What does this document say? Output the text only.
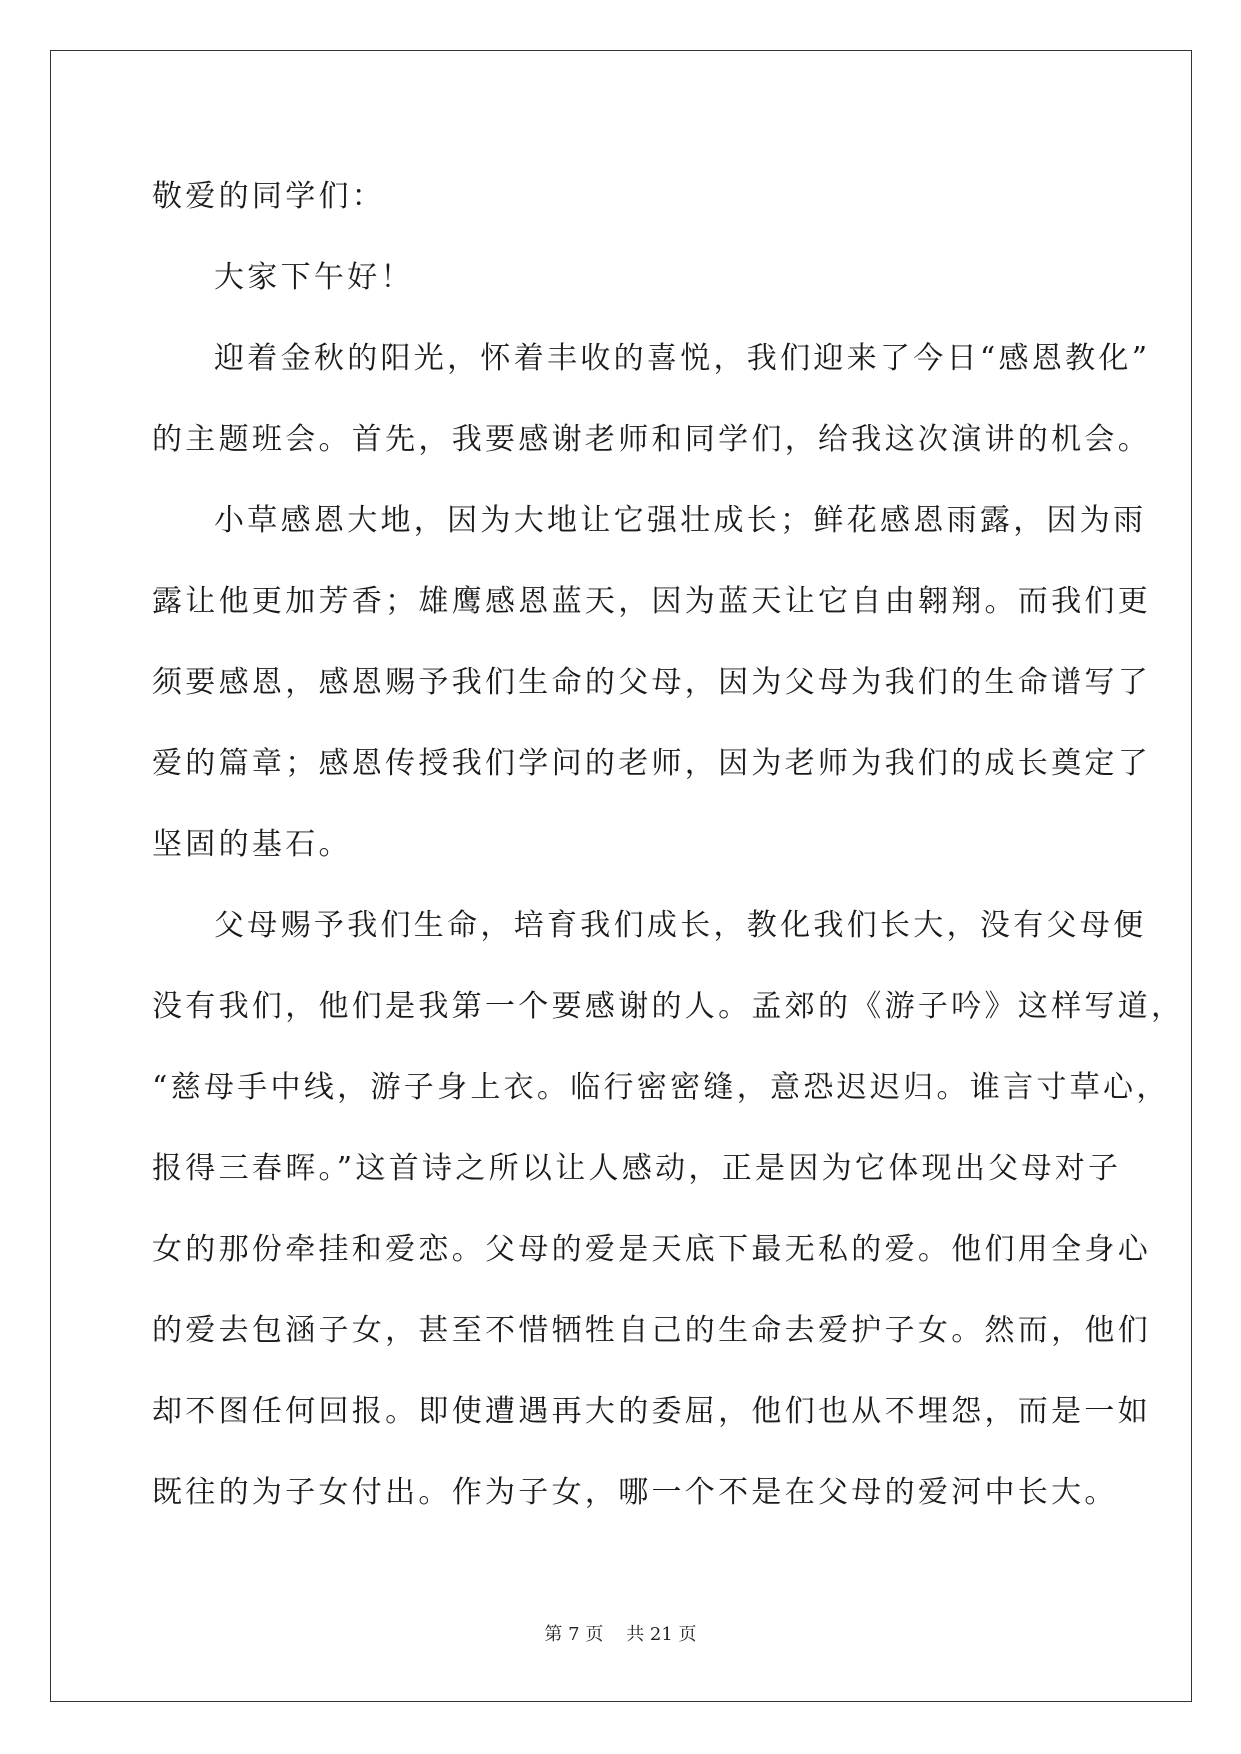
敬爱的同学们：
大家下午好！
迎着金秋的阳光，怀着丰收的喜悦，我们迎来了今日“感恩教化”
的主题班会。首先，我要感谢老师和同学们，给我这次演讲的机会。
小草感恩大地，因为大地让它强壮成长；鲜花感恩雨露，因为雨
露让他更加芳香；雄鹰感恩蓝天，因为蓝天让它自由翱翔。而我们更
须要感恩，感恩赐予我们生命的父母，因为父母为我们的生命谱写了
爱的篇章；感恩传授我们学问的老师，因为老师为我们的成长奠定了
坚固的基石。
父母赐予我们生命，培育我们成长，教化我们长大，没有父母便
没有我们，他们是我第一个要感谢的人。孟郊的《游子吟》这样写道，
“慈母手中线，游子身上衣。临行密密缝，意恐迟迟归。谁言寸草心，
报得三春晖。”这首诗之所以让人感动，正是因为它体现出父母对子
女的那份牵挂和爱恋。父母的爱是天底下最无私的爱。他们用全身心
的爱去包涵子女，甚至不惜牺牲自己的生命去爱护子女。然而，他们
却不图任何回报。即使遭遇再大的委屈，他们也从不埋怨，而是一如
既往的为子女付出。作为子女，哪一个不是在父母的爱河中长大。
第 7 页    共 21 页
